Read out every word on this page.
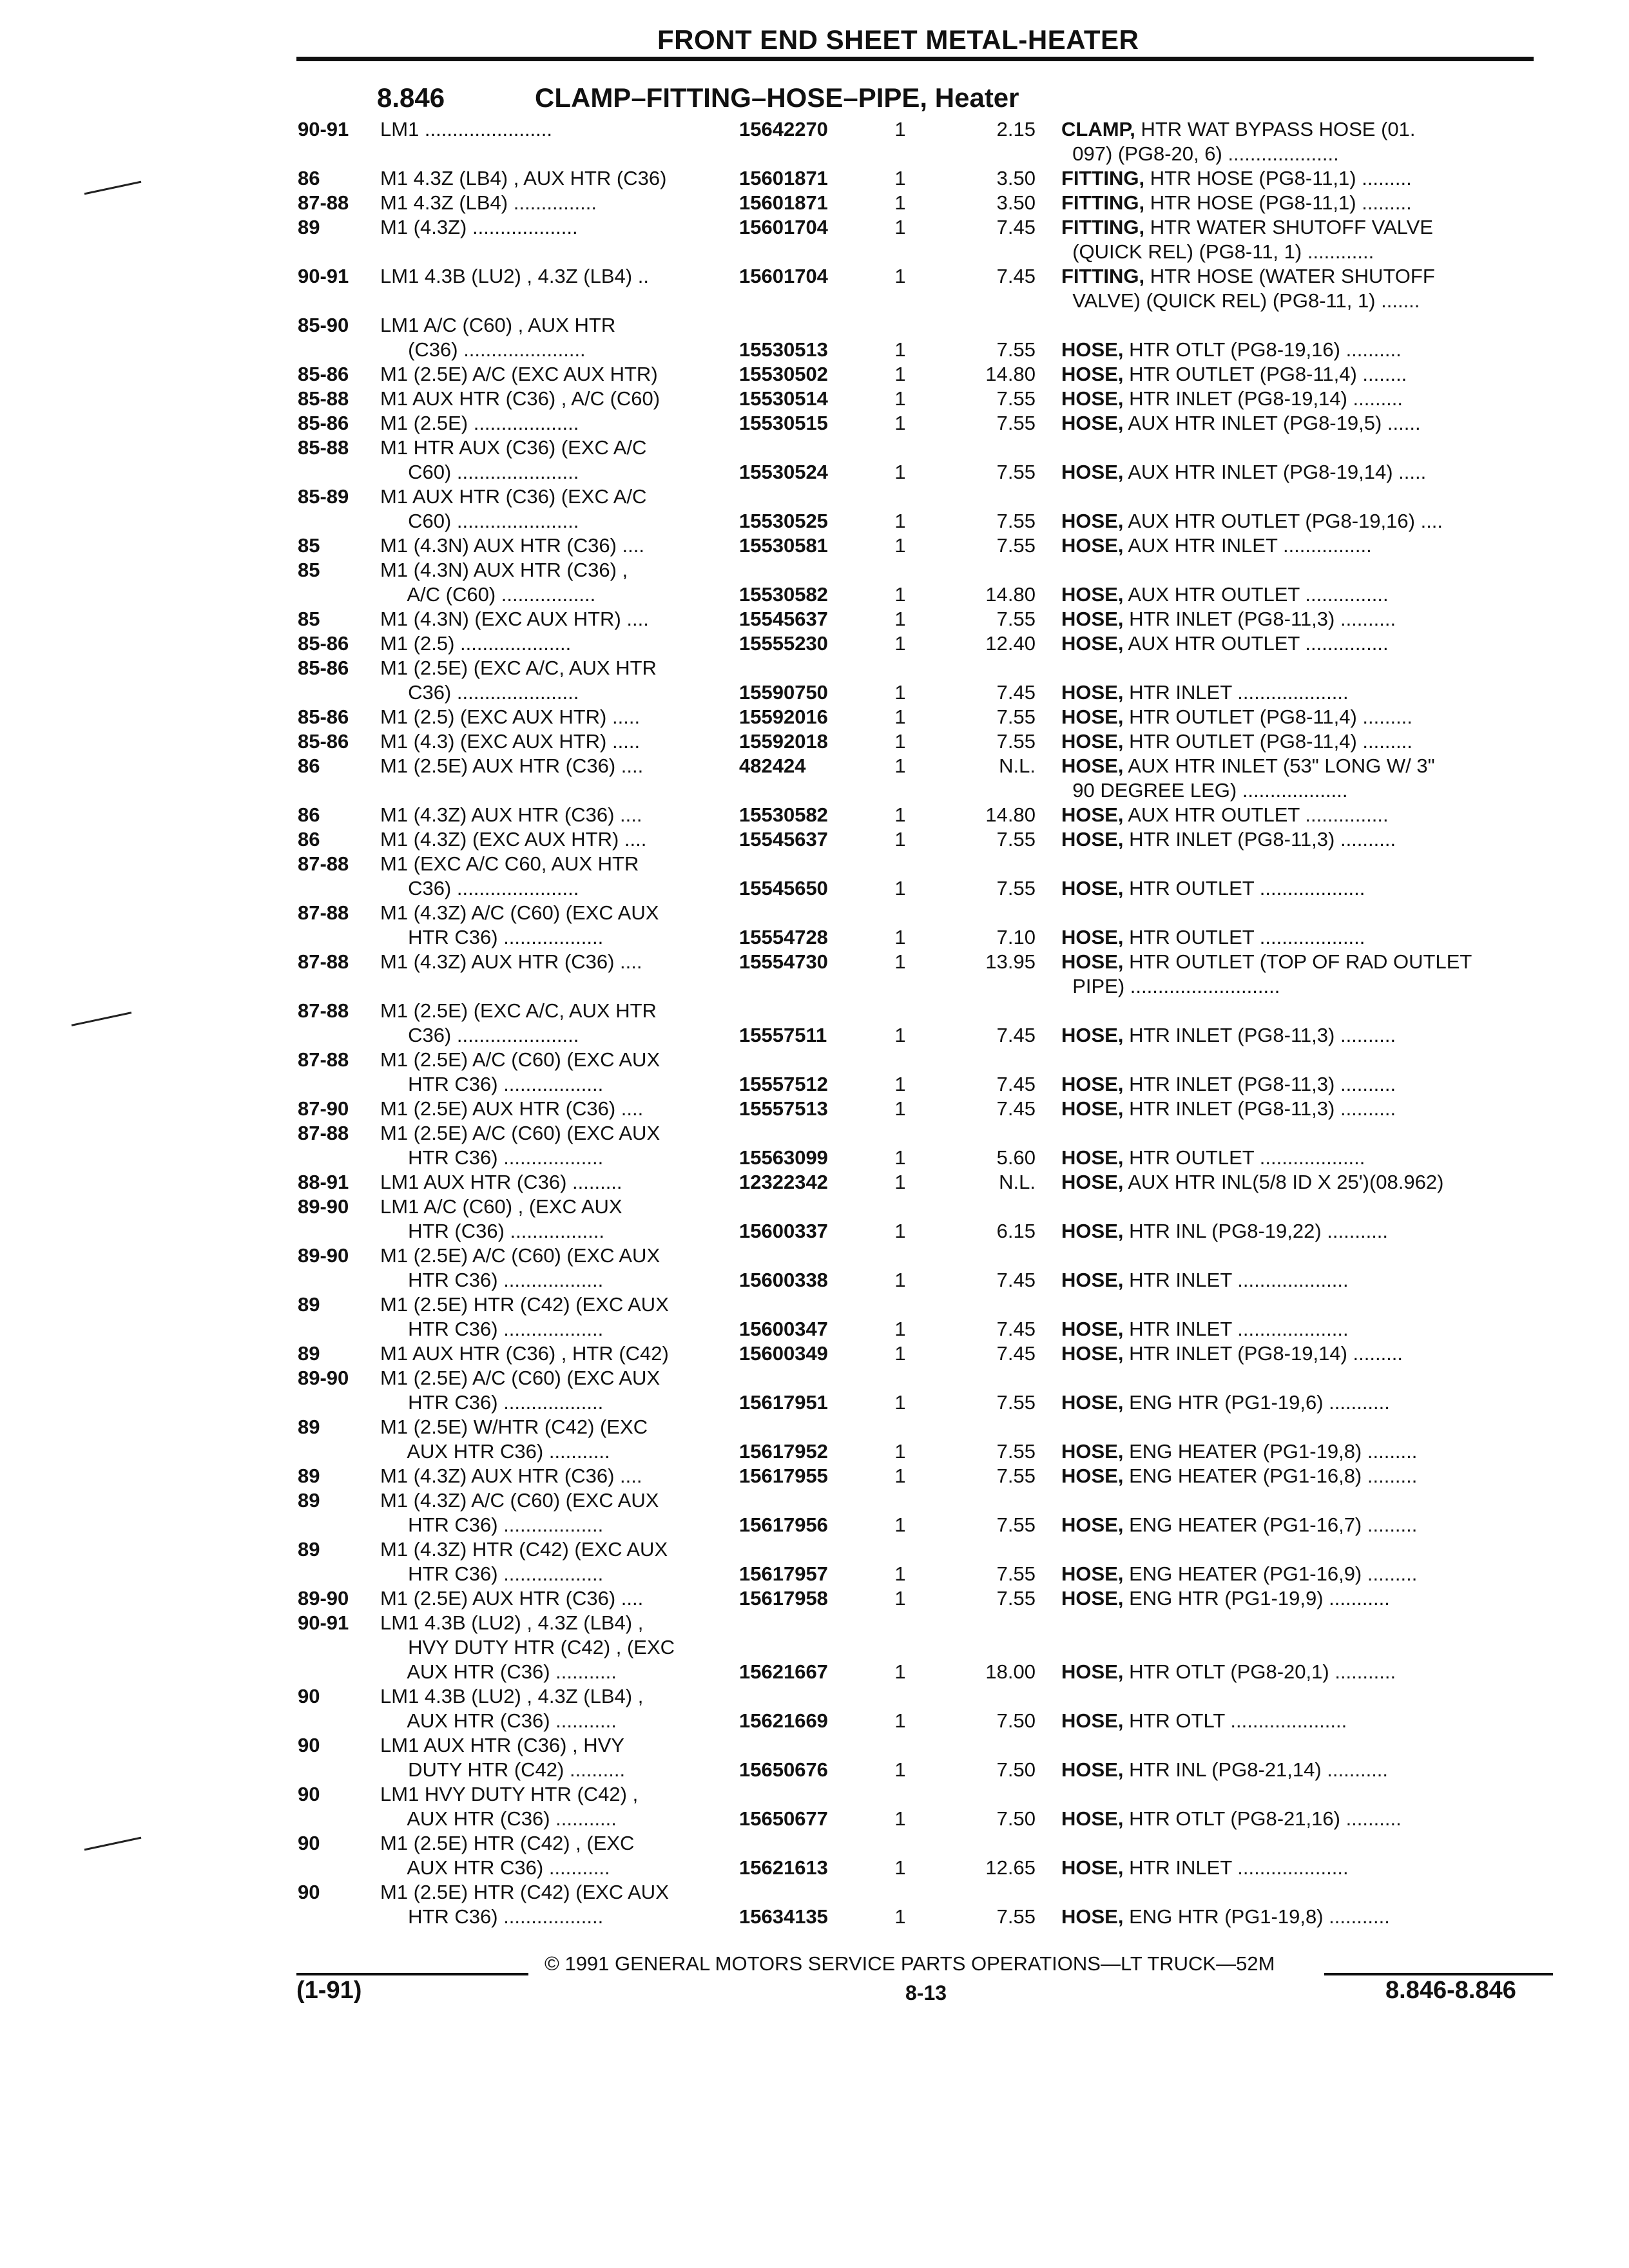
FRONT END SHEET METAL-HEATER
8.846	CLAMP–FITTING–HOSE–PIPE, Heater
90-91 LM1 .......................	15642270	1	2.15 CLAMP, HTR WAT BYPASS HOSE (01.
097) (PG8-20, 6) ....................
86	M1 4.3Z (LB4) , AUX HTR (C36)	15601871	1	3.50 FITTING, HTR HOSE (PG8-11,1) .........
87-88 M1 4.3Z (LB4) ...............	15601871	1	3.50 FITTING, HTR HOSE (PG8-11,1) .........
89	M1 (4.3Z) ...................	15601704	1	7.45 FITTING, HTR WATER SHUTOFF VALVE
(QUICK REL) (PG8-11, 1) ............
90-91 LM1 4.3B (LU2) , 4.3Z (LB4) ..	15601704	1	7.45 FITTING, HTR HOSE (WATER SHUTOFF
VALVE) (QUICK REL) (PG8-11, 1) .......
85-90 LM1 A/C (C60) , AUX HTR
(C36) ......................	15530513	1	7.55 HOSE, HTR OTLT (PG8-19,16) ..........
85-86 M1 (2.5E) A/C (EXC AUX HTR)	15530502	1	14.80 HOSE, HTR OUTLET (PG8-11,4) ........
85-88 M1 AUX HTR (C36) , A/C (C60)	15530514	1	7.55 HOSE, HTR INLET (PG8-19,14) .........
85-86 M1 (2.5E) ...................	15530515	1	7.55 HOSE, AUX HTR INLET (PG8-19,5) ......
85-88 M1 HTR AUX (C36) (EXC A/C
C60) ......................	15530524	1	7.55 HOSE, AUX HTR INLET (PG8-19,14) .....
85-89 M1 AUX HTR (C36) (EXC A/C
C60) ......................	15530525	1	7.55 HOSE, AUX HTR OUTLET (PG8-19,16) ....
85	M1 (4.3N) AUX HTR (C36) ....	15530581	1	7.55 HOSE, AUX HTR INLET ................
85	M1 (4.3N) AUX HTR (C36) ,
A/C (C60) .................	15530582	1	14.80 HOSE, AUX HTR OUTLET ...............
85	M1 (4.3N) (EXC AUX HTR) ....	15545637	1	7.55 HOSE, HTR INLET (PG8-11,3) ..........
85-86 M1 (2.5) ....................	15555230	1	12.40 HOSE, AUX HTR OUTLET ...............
85-86 M1 (2.5E) (EXC A/C, AUX HTR
C36) ......................	15590750	1	7.45 HOSE, HTR INLET ....................
85-86 M1 (2.5) (EXC AUX HTR) .....	15592016	1	7.55 HOSE, HTR OUTLET (PG8-11,4) .........
85-86 M1 (4.3) (EXC AUX HTR) .....	15592018	1	7.55 HOSE, HTR OUTLET (PG8-11,4) .........
86	M1 (2.5E) AUX HTR (C36) ....	482424	1	N.L. HOSE, AUX HTR INLET (53" LONG W/ 3"
90 DEGREE LEG) ...................
86	M1 (4.3Z) AUX HTR (C36) ....	15530582	1	14.80 HOSE, AUX HTR OUTLET ...............
86	M1 (4.3Z) (EXC AUX HTR) ....	15545637	1	7.55 HOSE, HTR INLET (PG8-11,3) ..........
87-88 M1 (EXC A/C C60, AUX HTR
C36) ......................	15545650	1	7.55 HOSE, HTR OUTLET ...................
87-88 M1 (4.3Z) A/C (C60) (EXC AUX
HTR C36) ..................	15554728	1	7.10 HOSE, HTR OUTLET ...................
87-88 M1 (4.3Z) AUX HTR (C36) ....	15554730	1	13.95 HOSE, HTR OUTLET (TOP OF RAD OUTLET
PIPE) ...........................
87-88 M1 (2.5E) (EXC A/C, AUX HTR
C36) ......................	15557511	1	7.45 HOSE, HTR INLET (PG8-11,3) ..........
87-88 M1 (2.5E) A/C (C60) (EXC AUX
HTR C36) ..................	15557512	1	7.45 HOSE, HTR INLET (PG8-11,3) ..........
87-90 M1 (2.5E) AUX HTR (C36) ....	15557513	1	7.45 HOSE, HTR INLET (PG8-11,3) ..........
87-88 M1 (2.5E) A/C (C60) (EXC AUX
HTR C36) ..................	15563099	1	5.60 HOSE, HTR OUTLET ...................
88-91 LM1 AUX HTR (C36) .........	12322342	1	N.L. HOSE, AUX HTR INL(5/8 ID X 25')(08.962)
89-90 LM1 A/C (C60) , (EXC AUX
HTR (C36) .................	15600337	1	6.15 HOSE, HTR INL (PG8-19,22) ...........
89-90 M1 (2.5E) A/C (C60) (EXC AUX
HTR C36) ..................	15600338	1	7.45 HOSE, HTR INLET ....................
89	M1 (2.5E) HTR (C42) (EXC AUX
HTR C36) ..................	15600347	1	7.45 HOSE, HTR INLET ....................
89	M1 AUX HTR (C36) , HTR (C42)	15600349	1	7.45 HOSE, HTR INLET (PG8-19,14) .........
89-90 M1 (2.5E) A/C (C60) (EXC AUX
HTR C36) ..................	15617951	1	7.55 HOSE, ENG HTR (PG1-19,6) ...........
89	M1 (2.5E) W/HTR (C42) (EXC
AUX HTR C36) ...........	15617952	1	7.55 HOSE, ENG HEATER (PG1-19,8) .........
89	M1 (4.3Z) AUX HTR (C36) ....	15617955	1	7.55 HOSE, ENG HEATER (PG1-16,8) .........
89	M1 (4.3Z) A/C (C60) (EXC AUX
HTR C36) ..................	15617956	1	7.55 HOSE, ENG HEATER (PG1-16,7) .........
89	M1 (4.3Z) HTR (C42) (EXC AUX
HTR C36) ..................	15617957	1	7.55 HOSE, ENG HEATER (PG1-16,9) .........
89-90 M1 (2.5E) AUX HTR (C36) ....	15617958	1	7.55 HOSE, ENG HTR (PG1-19,9) ...........
90-91 LM1 4.3B (LU2) , 4.3Z (LB4) ,
HVY DUTY HTR (C42) , (EXC
AUX HTR (C36) ...........	15621667	1	18.00 HOSE, HTR OTLT (PG8-20,1) ...........
90	LM1 4.3B (LU2) , 4.3Z (LB4) ,
AUX HTR (C36) ...........	15621669	1	7.50 HOSE, HTR OTLT .....................
90	LM1 AUX HTR (C36) , HVY
DUTY HTR (C42) ..........	15650676	1	7.50 HOSE, HTR INL (PG8-21,14) ...........
90	LM1 HVY DUTY HTR (C42) ,
AUX HTR (C36) ...........	15650677	1	7.50 HOSE, HTR OTLT (PG8-21,16) ..........
90	M1 (2.5E) HTR (C42) , (EXC
AUX HTR C36) ...........	15621613	1	12.65 HOSE, HTR INLET ....................
90	M1 (2.5E) HTR (C42) (EXC AUX
HTR C36) ..................	15634135	1	7.55 HOSE, ENG HTR (PG1-19,8) ...........
© 1991 GENERAL MOTORS SERVICE PARTS OPERATIONS—LT TRUCK—52M
(1-91)	8-13	8.846-8.846
